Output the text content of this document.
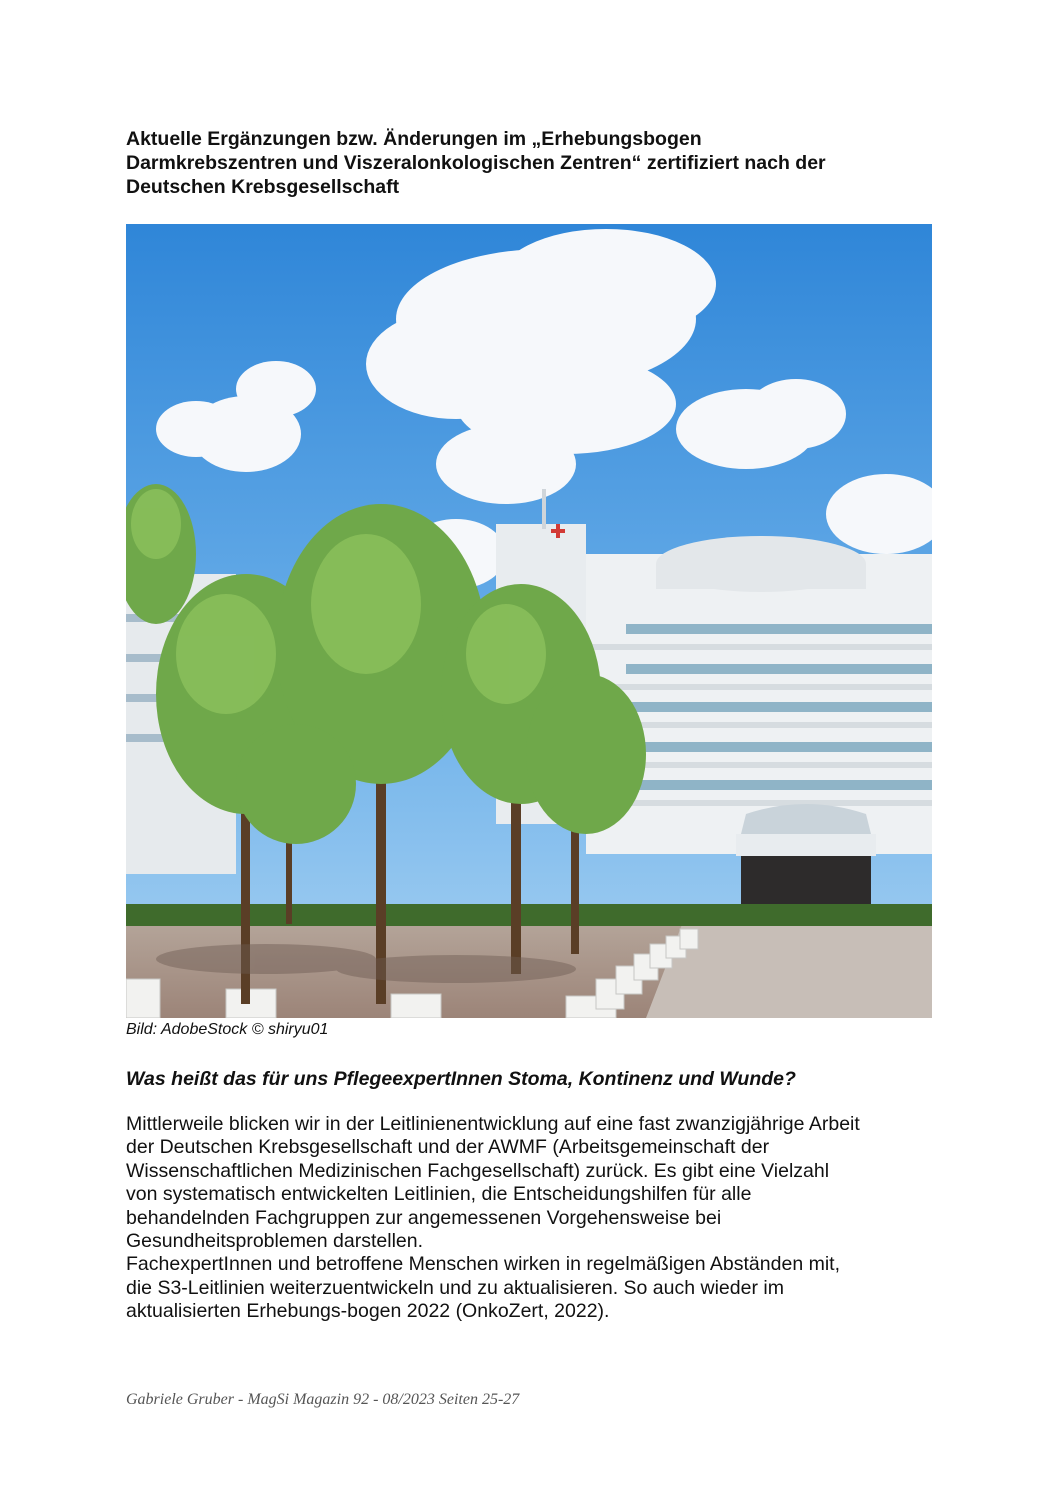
Aktuelle Ergänzungen bzw. Änderungen im „Erhebungsbogen
Darmkrebszentren und Viszeralonkologischen Zentren“ zertifiziert nach der
Deutschen Krebsgesellschaft

Bild: AdobeStock © shiryu01

Was heißt das für uns PflegeexpertInnen Stoma, Kontinenz und Wunde?
Mittlerweile blicken wir in der Leitlinienentwicklung auf eine fast zwanzigjährige Arbeit
der Deutschen Krebsgesellschaft und der AWMF (Arbeitsgemeinschaft der
Wissenschaftlichen Medizinischen Fachgesellschaft) zurück. Es gibt eine Vielzahl
von systematisch entwickelten Leitlinien, die Entscheidungshilfen für alle
behandelnden Fachgruppen zur angemessenen Vorgehensweise bei
Gesundheitsproblemen darstellen.
FachexpertInnen und betroffene Menschen wirken in regelmäßigen Abständen mit,
die S3-Leitlinien weiterzuentwickeln und zu aktualisieren. So auch wieder im
aktualisierten Erhebungs-bogen 2022 (OnkoZert, 2022).

Gabriele Gruber - MagSi Magazin 92 - 08/2023 Seiten 25-27
